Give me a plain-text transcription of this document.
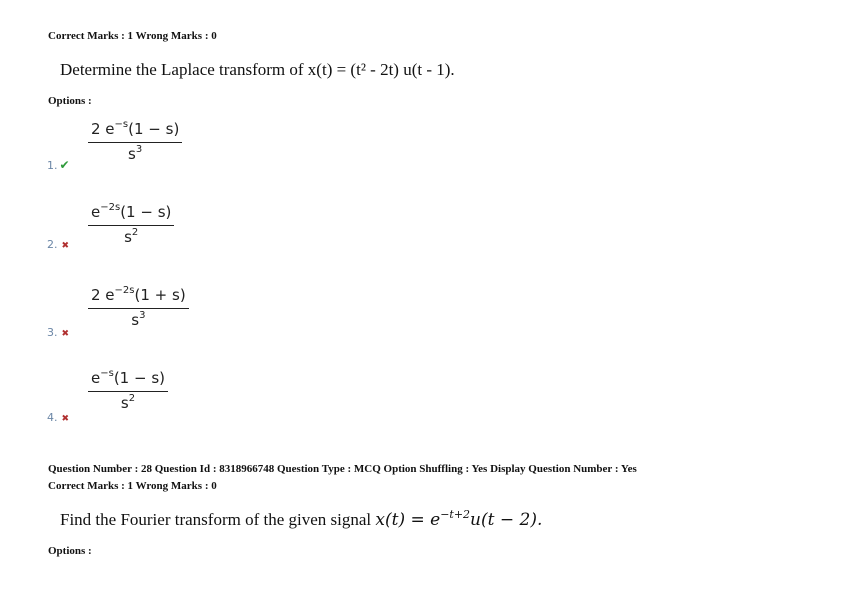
Correct Marks : 1 Wrong Marks : 0
Determine the Laplace transform of x(t) = (t² - 2t) u(t - 1).
Options :
2 $e^{-s}(1 - s)$
$s^3$
1. ✔
$e^{-2s}(1 - s)$
$s^2$
2. ✖
2 $e^{-2s}(1 + s)$
$s^3$
3. ✖
$e^{-s}(1 - s)$
$s^2$
4. ✖
Question Number : 28 Question Id : 8318966748 Question Type : MCQ Option Shuffling : Yes Display Question Number : Yes
Correct Marks : 1 Wrong Marks : 0
Find the Fourier transform of the given signal $x(t) = e^{-t+2}u(t - 2)$.
Options :
